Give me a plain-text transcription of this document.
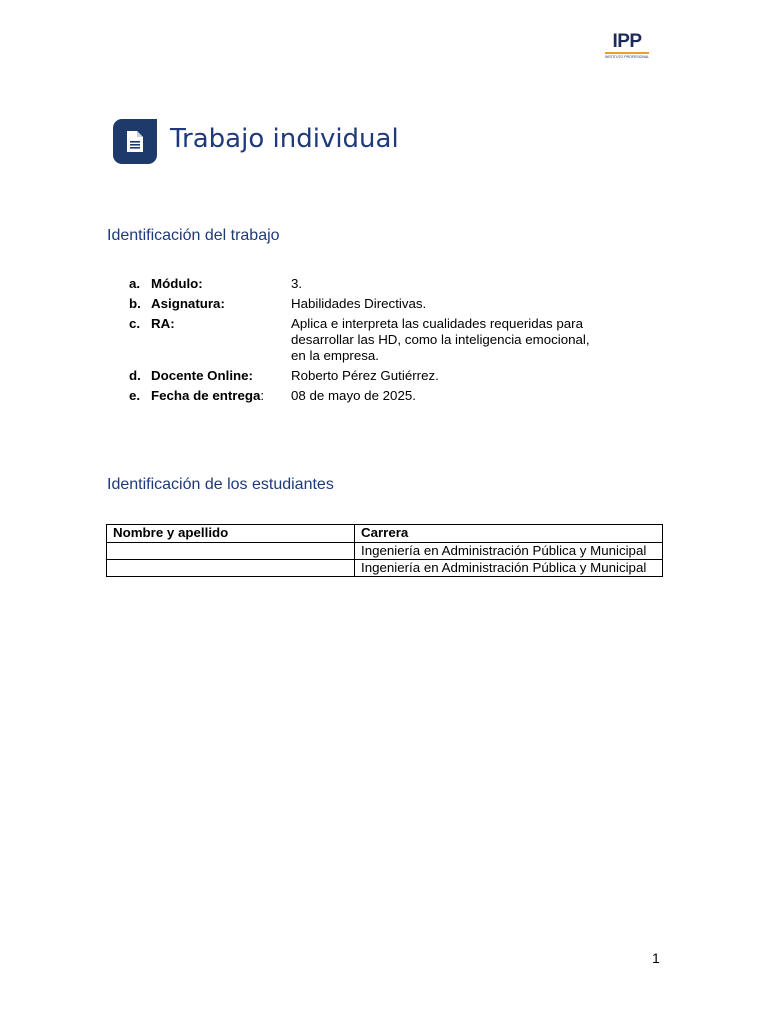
IPP
INSTITUTO PROFESIONAL
Trabajo individual
Identificación del trabajo
a. Módulo:	3.
b. Asignatura:	Habilidades Directivas.
c. RA:	Aplica e interpreta las cualidades requeridas para desarrollar las HD, como la inteligencia emocional, en la empresa.
d. Docente Online:	Roberto Pérez Gutiérrez.
e. Fecha de entrega:	08 de mayo de 2025.
Identificación de los estudiantes
Nombre y apellido	Carrera
	Ingeniería en Administración Pública y Municipal
	Ingeniería en Administración Pública y Municipal
1
